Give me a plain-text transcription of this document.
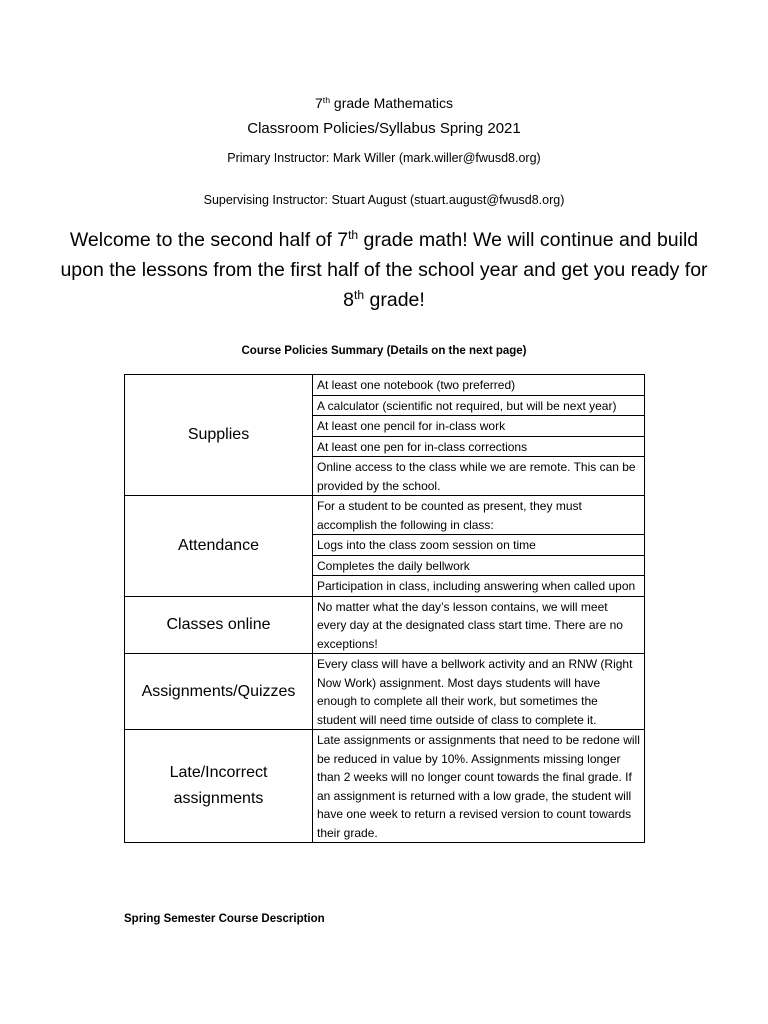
7th grade Mathematics
Classroom Policies/Syllabus Spring 2021
Primary Instructor: Mark Willer (mark.willer@fwusd8.org)
Supervising Instructor: Stuart August (stuart.august@fwusd8.org)
Welcome to the second half of 7th grade math! We will continue and build upon the lessons from the first half of the school year and get you ready for 8th grade!
Course Policies Summary (Details on the next page)
Supplies	At least one notebook (two preferred)
	A calculator (scientific not required, but will be next year)
	At least one pencil for in-class work
	At least one pen for in-class corrections
	Online access to the class while we are remote. This can be provided by the school.

Attendance	For a student to be counted as present, they must accomplish the following in class:
	Logs into the class zoom session on time
	Completes the daily bellwork
	Participation in class, including answering when called upon

Classes online	No matter what the day’s lesson contains, we will meet every day at the designated class start time. There are no exceptions!

Assignments/Quizzes	Every class will have a bellwork activity and an RNW (Right Now Work) assignment. Most days students will have enough to complete all their work, but sometimes the student will need time outside of class to complete it.

Late/Incorrect assignments	Late assignments or assignments that need to be redone will be reduced in value by 10%. Assignments missing longer than 2 weeks will no longer count towards the final grade. If an assignment is returned with a low grade, the student will have one week to return a revised version to count towards their grade.
Spring Semester Course Description
